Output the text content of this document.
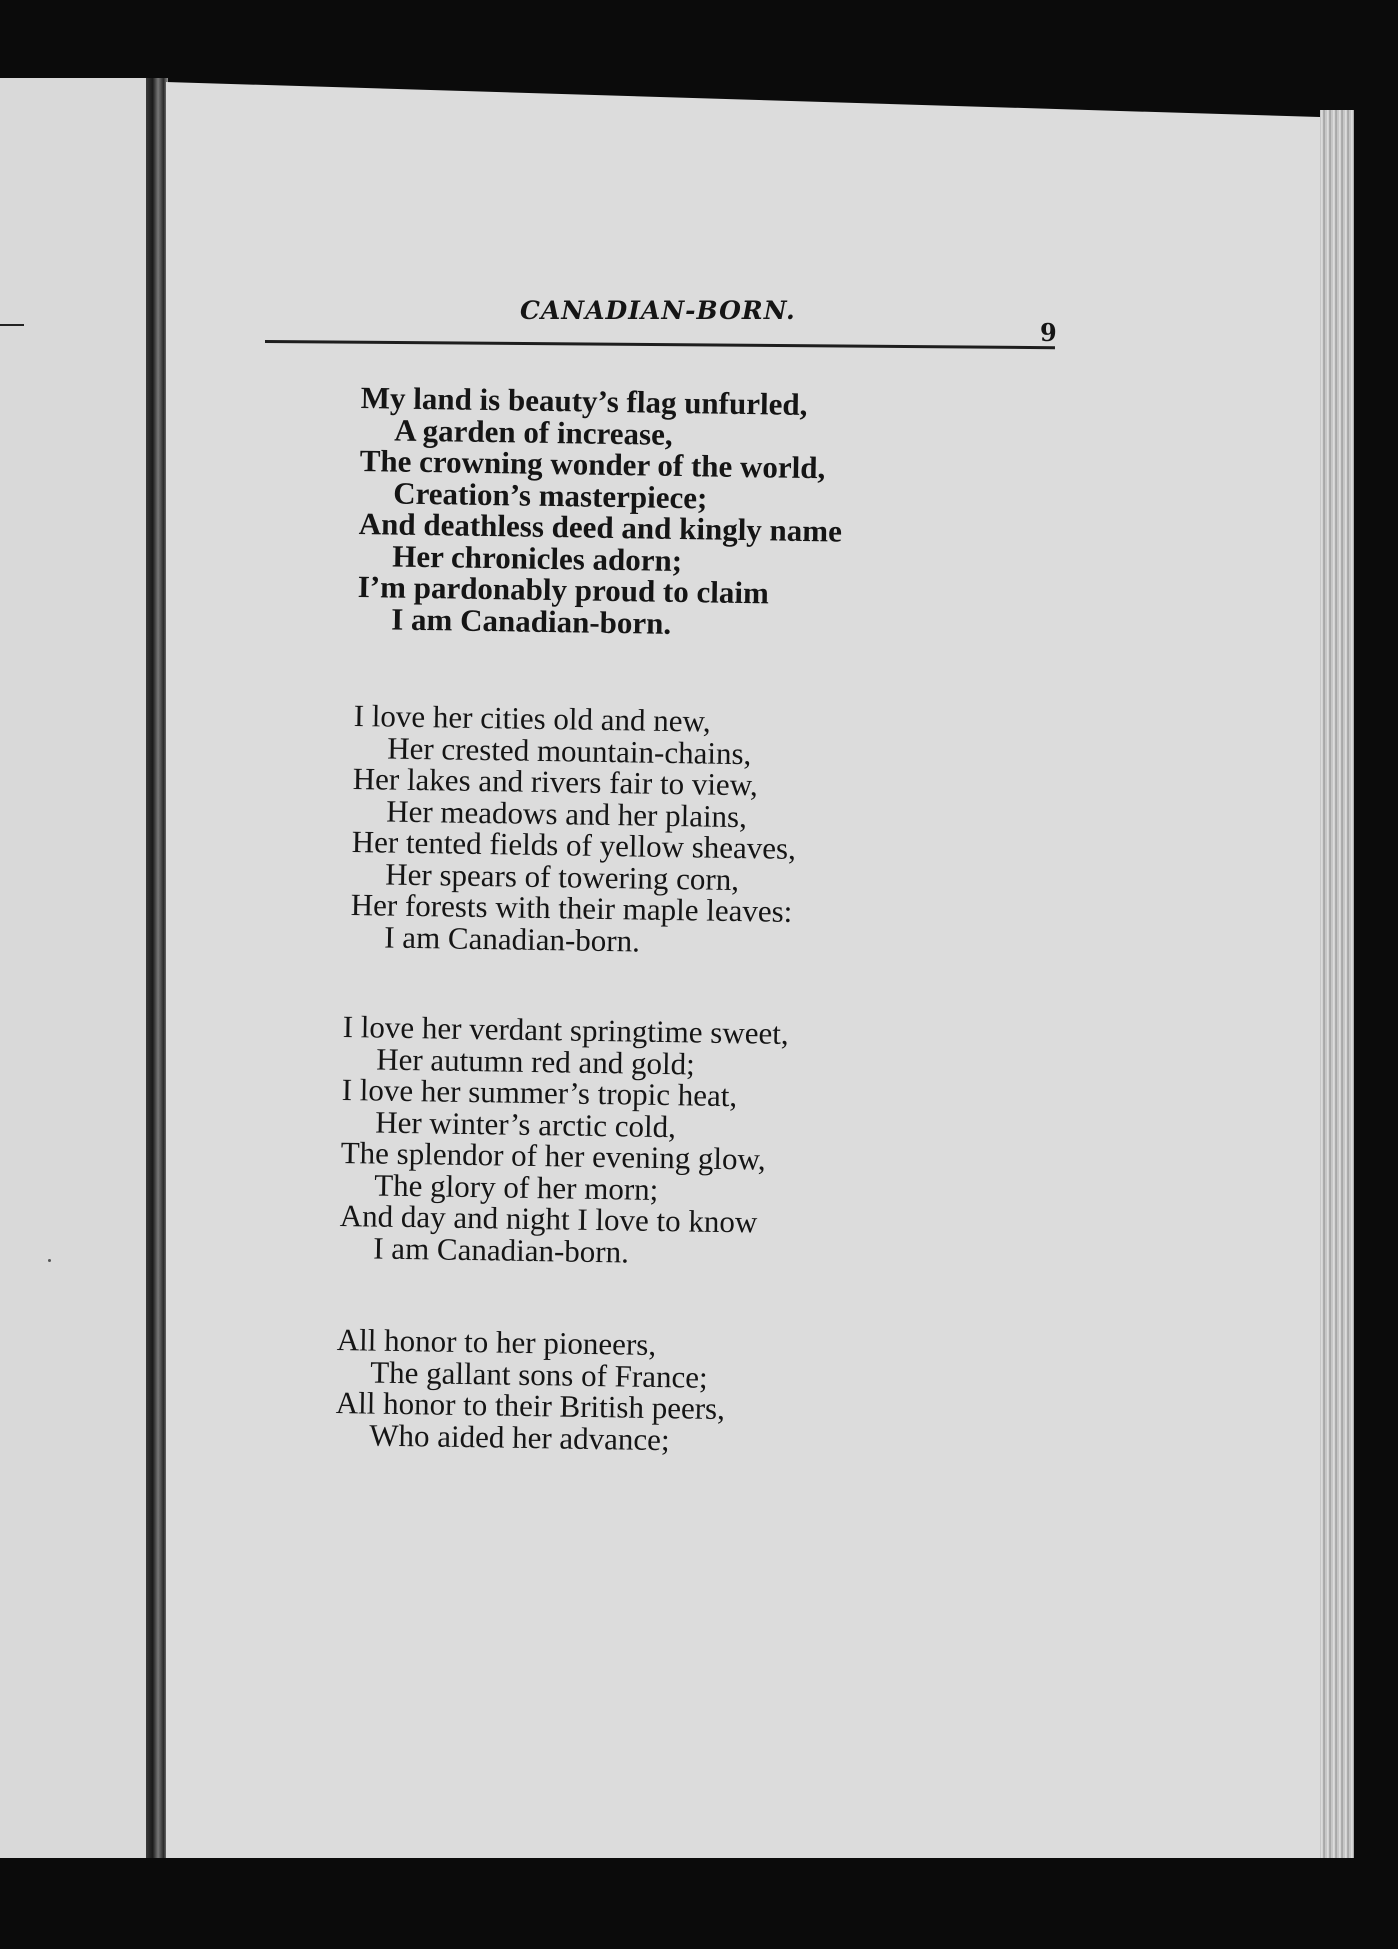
CANADIAN-BORN.
9
My land is beauty’s flag unfurled,
A garden of increase,
The crowning wonder of the world,
Creation’s masterpiece;
And deathless deed and kingly name
Her chronicles adorn;
I’m pardonably proud to claim
I am Canadian-born.
I love her cities old and new,
Her crested mountain-chains,
Her lakes and rivers fair to view,
Her meadows and her plains,
Her tented fields of yellow sheaves,
Her spears of towering corn,
Her forests with their maple leaves:
I am Canadian-born.
I love her verdant springtime sweet,
Her autumn red and gold;
I love her summer’s tropic heat,
Her winter’s arctic cold,
The splendor of her evening glow,
The glory of her morn;
And day and night I love to know
I am Canadian-born.
All honor to her pioneers,
The gallant sons of France;
All honor to their British peers,
Who aided her advance;
